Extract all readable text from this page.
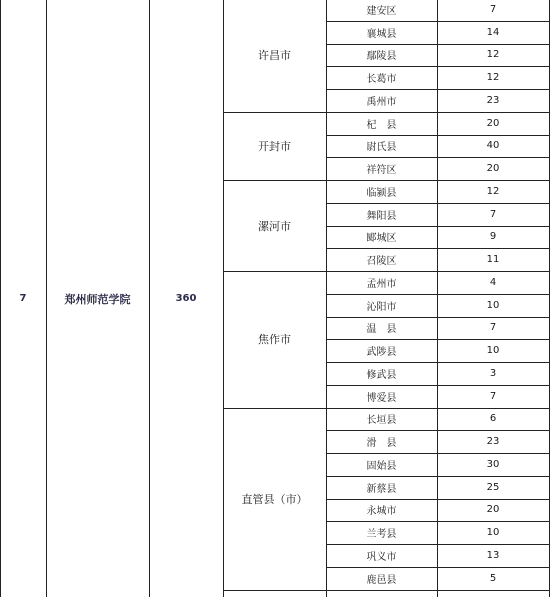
7	郑州师范学院	360
许昌市
建安区	7
襄城县	14
鄢陵县	12
长葛市	12
禹州市	23
开封市
杞　县	20
尉氏县	40
祥符区	20
漯河市
临颍县	12
舞阳县	7
郾城区	9
召陵区	11
焦作市
孟州市	4
沁阳市	10
温　县	7
武陟县	10
修武县	3
博爱县	7
直管县（市）
长垣县	6
滑　县	23
固始县	30
新蔡县	25
永城市	20
兰考县	10
巩义市	13
鹿邑县	5
